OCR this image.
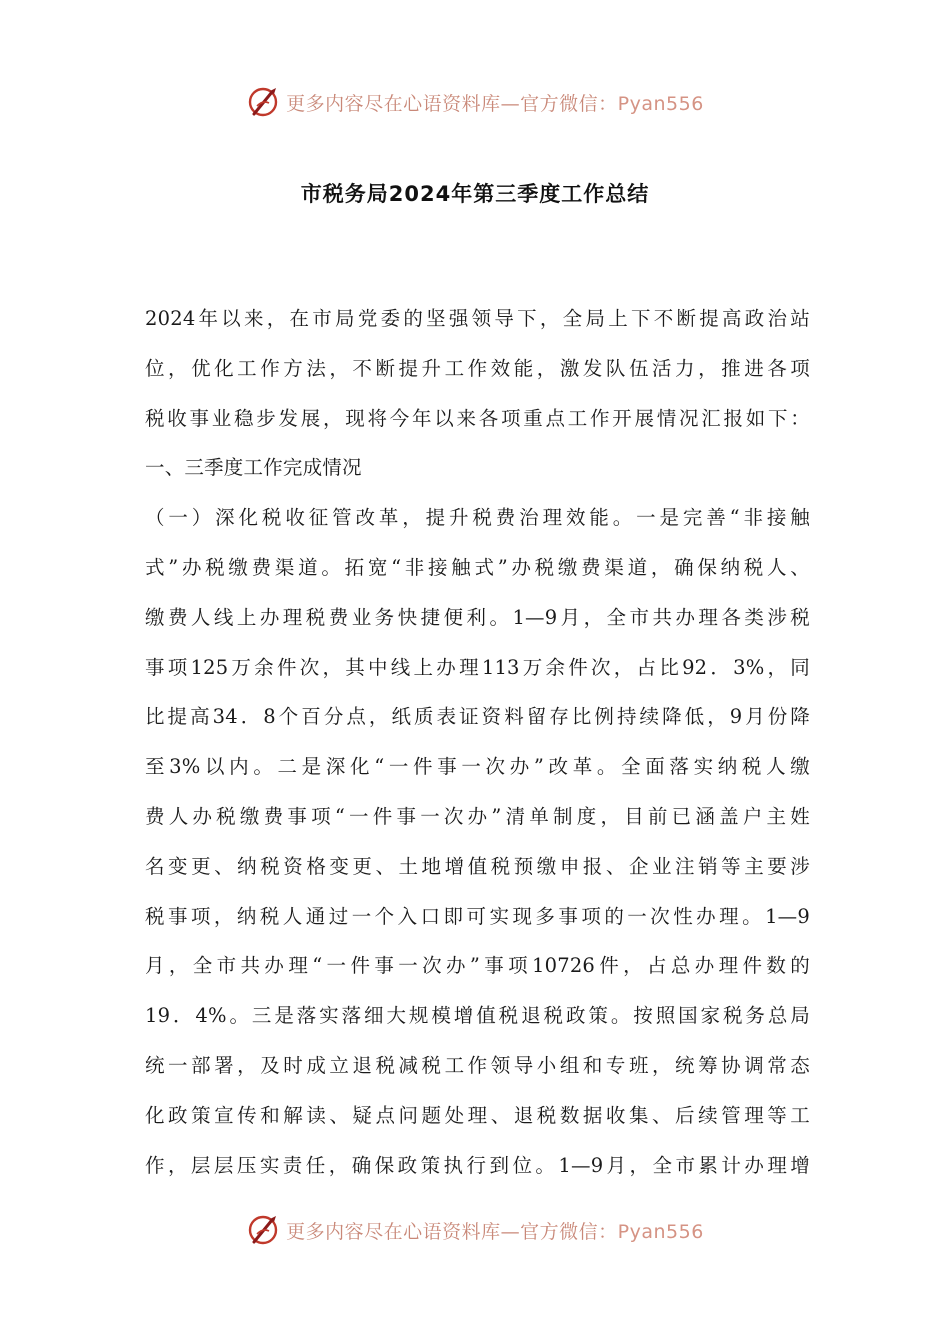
更多内容尽在心语资料库—官方微信：Pyan556
市税务局2024年第三季度工作总结
2024年以来，在市局党委的坚强领导下，全局上下不断提高政治站
位，优化工作方法，不断提升工作效能，激发队伍活力，推进各项
税收事业稳步发展，现将今年以来各项重点工作开展情况汇报如下：
一、三季度工作完成情况
（一）深化税收征管改革，提升税费治理效能。一是完善“非接触
式”办税缴费渠道。拓宽“非接触式”办税缴费渠道，确保纳税人、
缴费人线上办理税费业务快捷便利。1—9月，全市共办理各类涉税
事项125万余件次，其中线上办理113万余件次，占比92．3%，同
比提高34．8个百分点，纸质表证资料留存比例持续降低，9月份降
至3%以内。二是深化“一件事一次办”改革。全面落实纳税人缴
费人办税缴费事项“一件事一次办”清单制度，目前已涵盖户主姓
名变更、纳税资格变更、土地增值税预缴申报、企业注销等主要涉
税事项，纳税人通过一个入口即可实现多事项的一次性办理。1—9
月，全市共办理“一件事一次办”事项10726件，占总办理件数的
19．4%。三是落实落细大规模增值税退税政策。按照国家税务总局
统一部署，及时成立退税减税工作领导小组和专班，统筹协调常态
化政策宣传和解读、疑点问题处理、退税数据收集、后续管理等工
作，层层压实责任，确保政策执行到位。1—9月，全市累计办理增
更多内容尽在心语资料库—官方微信：Pyan556
